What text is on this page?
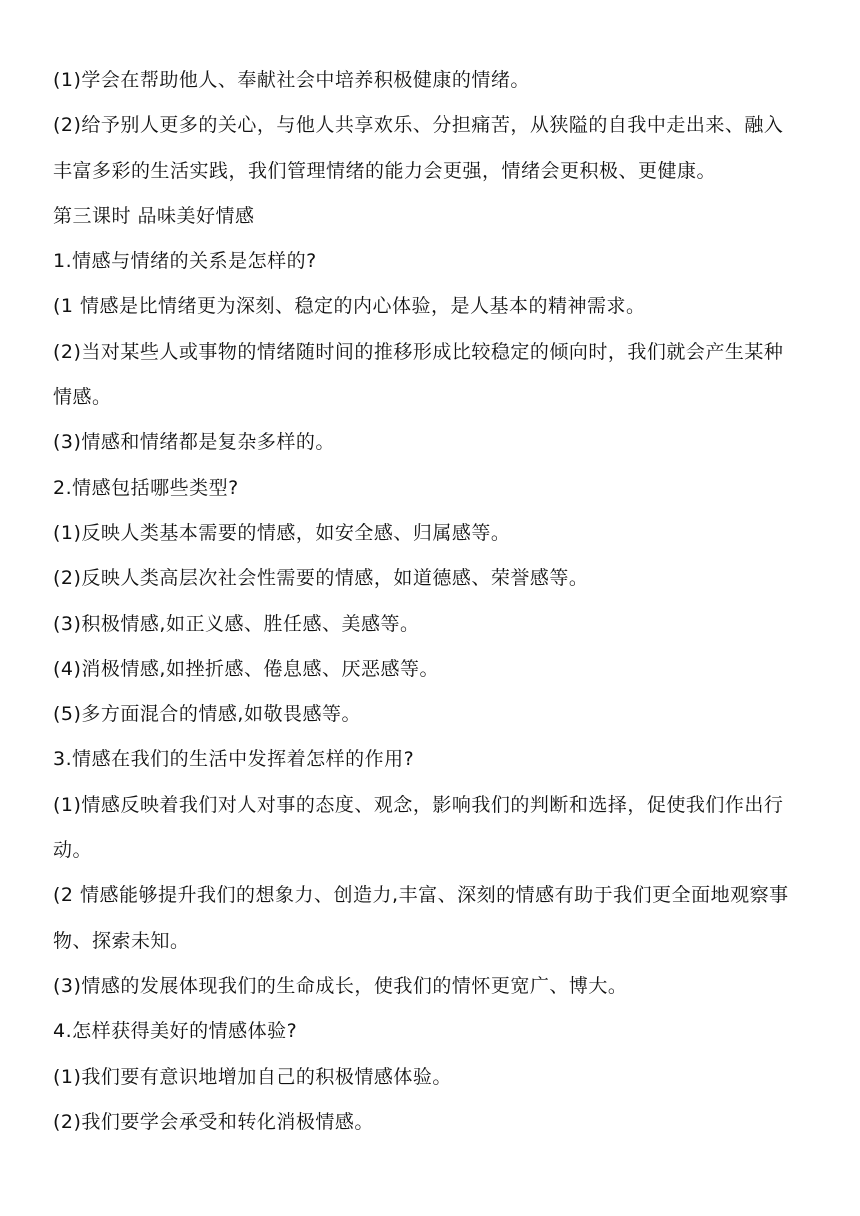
(1)学会在帮助他人、奉献社会中培养积极健康的情绪。
(2)给予别人更多的关心，与他人共享欢乐、分担痛苦，从狭隘的自我中走出来、融入
丰富多彩的生活实践，我们管理情绪的能力会更强，情绪会更积极、更健康。
第三课时 品味美好情感
1.情感与情绪的关系是怎样的?
(1 情感是比情绪更为深刻、稳定的内心体验，是人基本的精神需求。
(2)当对某些人或事物的情绪随时间的推移形成比较稳定的倾向时，我们就会产生某种
情感。
(3)情感和情绪都是复杂多样的。
2.情感包括哪些类型?
(1)反映人类基本需要的情感，如安全感、归属感等。
(2)反映人类高层次社会性需要的情感，如道德感、荣誉感等。
(3)积极情感,如正义感、胜任感、美感等。
(4)消极情感,如挫折感、倦息感、厌恶感等。
(5)多方面混合的情感,如敬畏感等。
3.情感在我们的生活中发挥着怎样的作用?
(1)情感反映着我们对人对事的态度、观念，影响我们的判断和选择，促使我们作出行
动。
(2 情感能够提升我们的想象力、创造力,丰富、深刻的情感有助于我们更全面地观察事
物、探索未知。
(3)情感的发展体现我们的生命成长，使我们的情怀更宽广、博大。
4.怎样获得美好的情感体验?
(1)我们要有意识地增加自己的积极情感体验。
(2)我们要学会承受和转化消极情感。
